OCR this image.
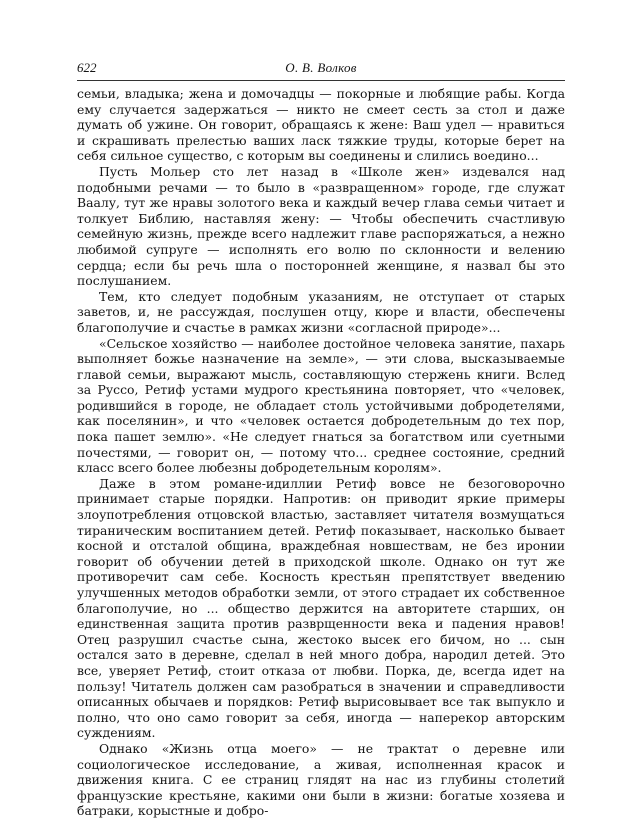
622	О. В. Волков

семьи, владыка; жена и домочадцы — покорные и любящие рабы. Когда ему случается задержаться — никто не смеет сесть за стол и даже думать об ужине. Он говорит, обращаясь к жене: Ваш удел — нравиться и скрашивать прелестью ваших ласк тяжкие труды, которые берет на себя сильное существо, с которым вы соединены и слились воедино...

Пусть Мольер сто лет назад в «Школе жен» издевался над подобными речами — то было в «развращенном» городе, где служат Ваалу, тут же нравы золотого века и каждый вечер глава семьи читает и толкует Библию, наставляя жену: — Чтобы обеспечить счастливую семейную жизнь, прежде всего надлежит главе распоряжаться, а нежно любимой супруге — исполнять его волю по склонности и велению сердца; если бы речь шла о посторонней женщине, я назвал бы это послушанием.

Тем, кто следует подобным указаниям, не отступает от старых заветов, и, не рассуждая, послушен отцу, кюре и власти, обеспечены благополучие и счастье в рамках жизни «согласной природе»...

«Сельское хозяйство — наиболее достойное человека занятие, пахарь выполняет божье назначение на земле», — эти слова, высказываемые главой семьи, выражают мысль, составляющую стержень книги. Вслед за Руссо, Ретиф устами мудрого крестьянина повторяет, что «человек, родившийся в городе, не обладает столь устойчивыми добродетелями, как поселянин», и что «человек остается добродетельным до тех пор, пока пашет землю». «Не следует гнаться за богатством или суетными почестями, — говорит он, — потому что... среднее состояние, средний класс всего более любезны добродетельным королям».

Даже в этом романе-идиллии Ретиф вовсе не безоговорочно принимает старые порядки. Напротив: он приводит яркие примеры злоупотребления отцовской властью, заставляет читателя возмущаться тираническим воспитанием детей. Ретиф показывает, насколько бывает косной и отсталой община, враждебная новшествам, не без иронии говорит об обучении детей в приходской школе. Однако он тут же противоречит сам себе. Косность крестьян препятствует введению улучшенных методов обработки земли, от этого страдает их собственное благополучие, но ... общество держится на авторитете старших, он единственная защита против разврщенности века и падения нравов! Отец разрушил счастье сына, жестоко высек его бичом, но ... сын остался зато в деревне, сделал в ней много добра, народил детей. Это все, уверяет Ретиф, стоит отказа от любви. Порка, де, всегда идет на пользу! Читатель должен сам разобраться в значении и справедливости описанных обычаев и порядков: Ретиф вырисовывает все так выпукло и полно, что оно само говорит за себя, иногда — наперекор авторским суждениям.

Однако «Жизнь отца моего» — не трактат о деревне или социологическое исследование, а живая, исполненная красок и движения книга. С ее страниц глядят на нас из глубины столетий французские крестьяне, какими они были в жизни: богатые хозяева и батраки, корыстные и добро-
